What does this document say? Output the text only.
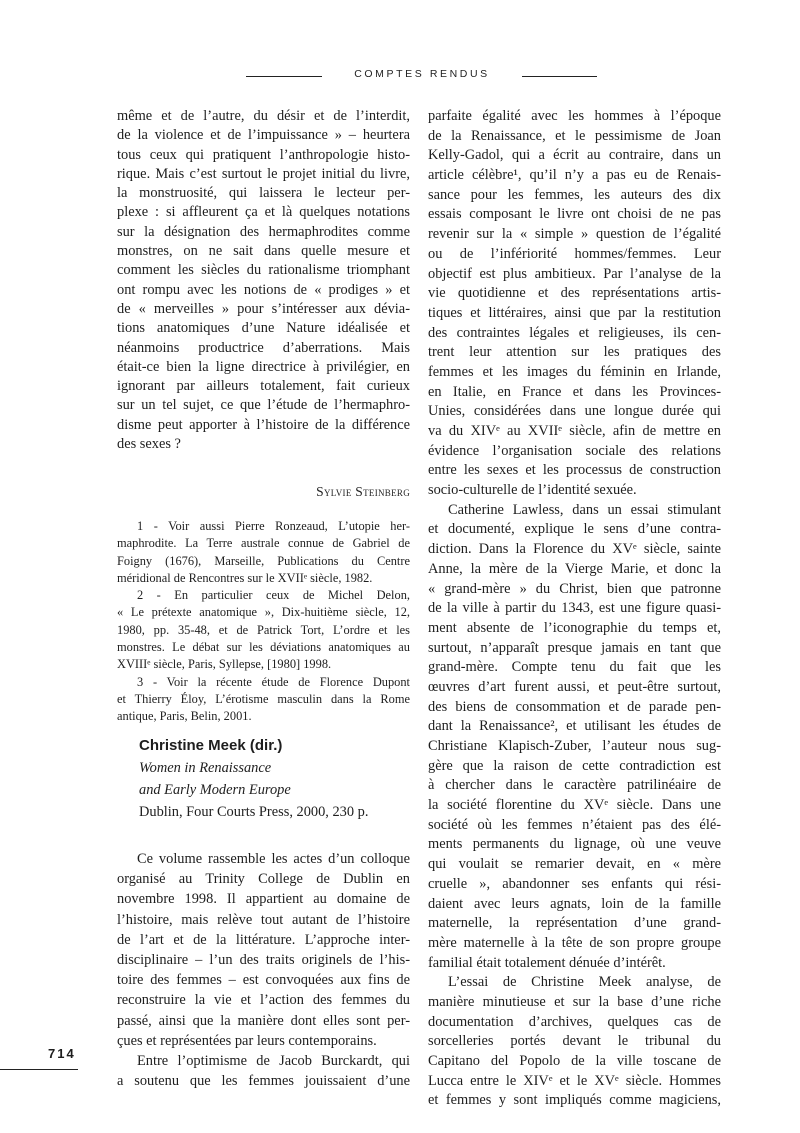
COMPTES RENDUS
même et de l’autre, du désir et de l’interdit,
de la violence et de l’impuissance » – heurtera
tous ceux qui pratiquent l’anthropologie histo-
rique. Mais c’est surtout le projet initial du livre,
la monstruosité, qui laissera le lecteur per-
plexe : si affleurent ça et là quelques notations
sur la désignation des hermaphrodites comme
monstres, on ne sait dans quelle mesure et
comment les siècles du rationalisme triomphant
ont rompu avec les notions de « prodiges » et
de « merveilles » pour s’intéresser aux dévia-
tions anatomiques d’une Nature idéalisée et
néanmoins productrice d’aberrations. Mais
était-ce bien la ligne directrice à privilégier, en
ignorant par ailleurs totalement, fait curieux
sur un tel sujet, ce que l’étude de l’hermaphro-
disme peut apporter à l’histoire de la différence
des sexes ?
Sylvie Steinberg
1 - Voir aussi Pierre Ronzeaud, L’utopie her-
maphrodite. La Terre australe connue de Gabriel de
Foigny (1676), Marseille, Publications du Centre
méridional de Rencontres sur le XVIIᵉ siècle, 1982.
2 - En particulier ceux de Michel Delon,
« Le prétexte anatomique », Dix-huitième siècle, 12,
1980, pp. 35-48, et de Patrick Tort, L’ordre et les
monstres. Le débat sur les déviations anatomiques au
XVIIIᵉ siècle, Paris, Syllepse, [1980] 1998.
3 - Voir la récente étude de Florence Dupont
et Thierry Éloy, L’érotisme masculin dans la Rome
antique, Paris, Belin, 2001.
Christine Meek (dir.)
Women in Renaissance
and Early Modern Europe
Dublin, Four Courts Press, 2000, 230 p.
Ce volume rassemble les actes d’un colloque
organisé au Trinity College de Dublin en
novembre 1998. Il appartient au domaine de
l’histoire, mais relève tout autant de l’histoire
de l’art et de la littérature. L’approche inter-
disciplinaire – l’un des traits originels de l’his-
toire des femmes – est convoquées aux fins de
reconstruire la vie et l’action des femmes du
passé, ainsi que la manière dont elles sont per-
çues et représentées par leurs contemporains.
Entre l’optimisme de Jacob Burckardt, qui
a soutenu que les femmes jouissaient d’une
parfaite égalité avec les hommes à l’époque
de la Renaissance, et le pessimisme de Joan
Kelly-Gadol, qui a écrit au contraire, dans un
article célèbre¹, qu’il n’y a pas eu de Renais-
sance pour les femmes, les auteurs des dix
essais composant le livre ont choisi de ne pas
revenir sur la « simple » question de l’égalité
ou de l’infériorité hommes/femmes. Leur
objectif est plus ambitieux. Par l’analyse de la
vie quotidienne et des représentations artis-
tiques et littéraires, ainsi que par la restitution
des contraintes légales et religieuses, ils cen-
trent leur attention sur les pratiques des
femmes et les images du féminin en Irlande,
en Italie, en France et dans les Provinces-
Unies, considérées dans une longue durée qui
va du XIVᵉ au XVIIᵉ siècle, afin de mettre en
évidence l’organisation sociale des relations
entre les sexes et les processus de construction
socio-culturelle de l’identité sexuée.
Catherine Lawless, dans un essai stimulant
et documenté, explique le sens d’une contra-
diction. Dans la Florence du XVᵉ siècle, sainte
Anne, la mère de la Vierge Marie, et donc la
« grand-mère » du Christ, bien que patronne
de la ville à partir du 1343, est une figure quasi-
ment absente de l’iconographie du temps et,
surtout, n’apparaît presque jamais en tant que
grand-mère. Compte tenu du fait que les
œuvres d’art furent aussi, et peut-être surtout,
des biens de consommation et de parade pen-
dant la Renaissance², et utilisant les études de
Christiane Klapisch-Zuber, l’auteur nous sug-
gère que la raison de cette contradiction est
à chercher dans le caractère patrilinéaire de
la société florentine du XVᵉ siècle. Dans une
société où les femmes n’étaient pas des élé-
ments permanents du lignage, où une veuve
qui voulait se remarier devait, en « mère
cruelle », abandonner ses enfants qui rési-
daient avec leurs agnats, loin de la famille
maternelle, la représentation d’une grand-
mère maternelle à la tête de son propre groupe
familial était totalement dénuée d’intérêt.
L’essai de Christine Meek analyse, de
manière minutieuse et sur la base d’une riche
documentation d’archives, quelques cas de
sorcelleries portés devant le tribunal du
Capitano del Popolo de la ville toscane de
Lucca entre le XIVᵉ et le XVᵉ siècle. Hommes
et femmes y sont impliqués comme magiciens,
714
